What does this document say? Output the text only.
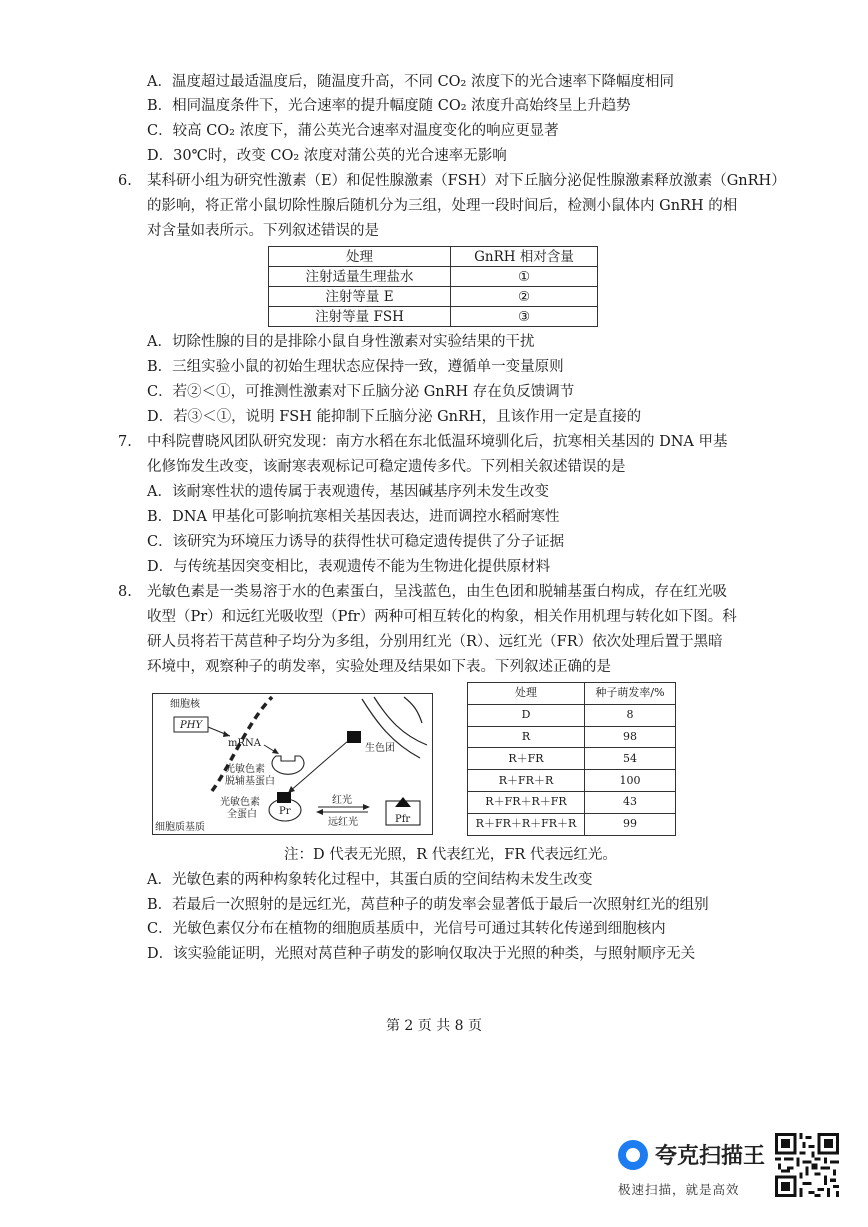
A．温度超过最适温度后，随温度升高，不同 CO₂ 浓度下的光合速率下降幅度相同
B．相同温度条件下，光合速率的提升幅度随 CO₂ 浓度升高始终呈上升趋势
C．较高 CO₂ 浓度下，蒲公英光合速率对温度变化的响应更显著
D．30℃时，改变 CO₂ 浓度对蒲公英的光合速率无影响
6. 某科研小组为研究性激素（E）和促性腺激素（FSH）对下丘脑分泌促性腺激素释放激素（GnRH）
的影响，将正常小鼠切除性腺后随机分为三组，处理一段时间后，检测小鼠体内 GnRH 的相
对含量如表所示。下列叙述错误的是
处理	GnRH 相对含量
注射适量生理盐水	①
注射等量 E	②
注射等量 FSH	③
A．切除性腺的目的是排除小鼠自身性激素对实验结果的干扰
B．三组实验小鼠的初始生理状态应保持一致，遵循单一变量原则
C．若②＜①，可推测性激素对下丘脑分泌 GnRH 存在负反馈调节
D．若③＜①，说明 FSH 能抑制下丘脑分泌 GnRH，且该作用一定是直接的
7. 中科院曹晓风团队研究发现：南方水稻在东北低温环境驯化后，抗寒相关基因的 DNA 甲基
化修饰发生改变，该耐寒表观标记可稳定遗传多代。下列相关叙述错误的是
A．该耐寒性状的遗传属于表观遗传，基因碱基序列未发生改变
B．DNA 甲基化可影响抗寒相关基因表达，进而调控水稻耐寒性
C．该研究为环境压力诱导的获得性状可稳定遗传提供了分子证据
D．与传统基因突变相比，表观遗传不能为生物进化提供原材料
8. 光敏色素是一类易溶于水的色素蛋白，呈浅蓝色，由生色团和脱辅基蛋白构成，存在红光吸
收型（Pr）和远红光吸收型（Pfr）两种可相互转化的构象，相关作用机理与转化如下图。科
研人员将若干莴苣种子均分为多组，分别用红光（R）、远红光（FR）依次处理后置于黑暗
环境中，观察种子的萌发率，实验处理及结果如下表。下列叙述正确的是
细胞核
PHY
mRNA
光敏色素
脱辅基蛋白
生色团
Pr
光敏色素
全蛋白
红光
远红光	Pfr
细胞质基质
处理	种子萌发率/%
D	8
R	98
R＋FR	54
R＋FR＋R	100
R＋FR＋R＋FR	43
R＋FR＋R＋FR＋R	99
注：D 代表无光照，R 代表红光，FR 代表远红光。
A．光敏色素的两种构象转化过程中，其蛋白质的空间结构未发生改变
B．若最后一次照射的是远红光，莴苣种子的萌发率会显著低于最后一次照射红光的组别
C．光敏色素仅分布在植物的细胞质基质中，光信号可通过其转化传递到细胞核内
D．该实验能证明，光照对莴苣种子萌发的影响仅取决于光照的种类，与照射顺序无关
第 2 页 共 8 页
夸克扫描王
极速扫描，就是高效
